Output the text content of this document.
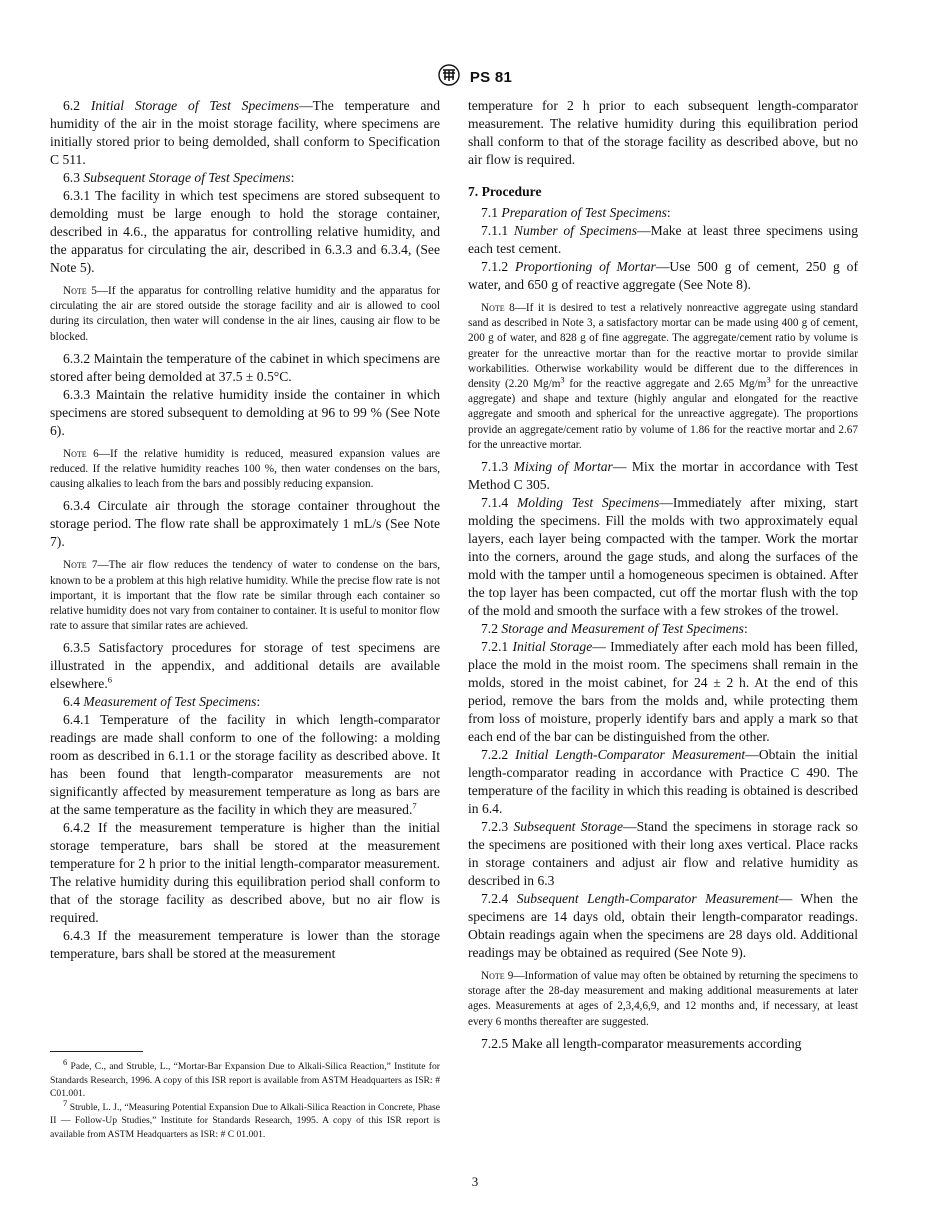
PS 81

6.2 Initial Storage of Test Specimens—The temperature and humidity of the air in the moist storage facility, where specimens are initially stored prior to being demolded, shall conform to Specification C 511.

6.3 Subsequent Storage of Test Specimens:

6.3.1 The facility in which test specimens are stored subsequent to demolding must be large enough to hold the storage container, described in 4.6., the apparatus for controlling relative humidity, and the apparatus for circulating the air, described in 6.3.3 and 6.3.4, (See Note 5).

Note 5—If the apparatus for controlling relative humidity and the apparatus for circulating the air are stored outside the storage facility and air is allowed to cool during its circulation, then water will condense in the air lines, causing air flow to be blocked.

6.3.2 Maintain the temperature of the cabinet in which specimens are stored after being demolded at 37.5 ± 0.5°C.

6.3.3 Maintain the relative humidity inside the container in which specimens are stored subsequent to demolding at 96 to 99 % (See Note 6).

Note 6—If the relative humidity is reduced, measured expansion values are reduced. If the relative humidity reaches 100 %, then water condenses on the bars, causing alkalies to leach from the bars and possibly reducing expansion.

6.3.4 Circulate air through the storage container throughout the storage period. The flow rate shall be approximately 1 mL/s (See Note 7).

Note 7—The air flow reduces the tendency of water to condense on the bars, known to be a problem at this high relative humidity. While the precise flow rate is not important, it is important that the flow rate be similar through each container so relative humidity does not vary from container to container. It is useful to monitor flow rate to assure that similar rates are achieved.

6.3.5 Satisfactory procedures for storage of test specimens are illustrated in the appendix, and additional details are available elsewhere.$^6$

6.4 Measurement of Test Specimens:

6.4.1 Temperature of the facility in which length-comparator readings are made shall conform to one of the following: a molding room as described in 6.1.1 or the storage facility as described above. It has been found that length-comparator measurements are not significantly affected by measurement temperature as long as bars are at the same temperature as the facility in which they are measured.$^7$

6.4.2 If the measurement temperature is higher than the initial storage temperature, bars shall be stored at the measurement temperature for 2 h prior to the initial length-comparator measurement. The relative humidity during this equilibration period shall conform to that of the storage facility as described above, but no air flow is required.

6.4.3 If the measurement temperature is lower than the storage temperature, bars shall be stored at the measurement

temperature for 2 h prior to each subsequent length-comparator measurement. The relative humidity during this equilibration period shall conform to that of the storage facility as described above, but no air flow is required.

7. Procedure

7.1 Preparation of Test Specimens:

7.1.1 Number of Specimens—Make at least three specimens using each test cement.

7.1.2 Proportioning of Mortar—Use 500 g of cement, 250 g of water, and 650 g of reactive aggregate (See Note 8).

Note 8—If it is desired to test a relatively nonreactive aggregate using standard sand as described in Note 3, a satisfactory mortar can be made using 400 g of cement, 200 g of water, and 828 g of fine aggregate. The aggregate/cement ratio by volume is greater for the unreactive mortar than for the reactive mortar to provide similar workabilities. Otherwise workability would be different due to the differences in density (2.20 $Mg/m^3$ for the reactive aggregate and 2.65 $Mg/m^3$ for the unreactive aggregate) and shape and texture (highly angular and elongated for the reactive aggregate and smooth and spherical for the unreactive aggregate). The proportions provide an aggregate/cement ratio by volume of 1.86 for the reactive mortar and 2.67 for the unreactive mortar.

7.1.3 Mixing of Mortar— Mix the mortar in accordance with Test Method C 305.

7.1.4 Molding Test Specimens—Immediately after mixing, start molding the specimens. Fill the molds with two approximately equal layers, each layer being compacted with the tamper. Work the mortar into the corners, around the gage studs, and along the surfaces of the mold with the tamper until a homogeneous specimen is obtained. After the top layer has been compacted, cut off the mortar flush with the top of the mold and smooth the surface with a few strokes of the trowel.

7.2 Storage and Measurement of Test Specimens:

7.2.1 Initial Storage— Immediately after each mold has been filled, place the mold in the moist room. The specimens shall remain in the molds, stored in the moist cabinet, for 24 ± 2 h. At the end of this period, remove the bars from the molds and, while protecting them from loss of moisture, properly identify bars and apply a mark so that each end of the bar can be distinguished from the other.

7.2.2 Initial Length-Comparator Measurement—Obtain the initial length-comparator reading in accordance with Practice C 490. The temperature of the facility in which this reading is obtained is described in 6.4.

7.2.3 Subsequent Storage—Stand the specimens in storage rack so the specimens are positioned with their long axes vertical. Place racks in storage containers and adjust air flow and relative humidity as described in 6.3

7.2.4 Subsequent Length-Comparator Measurement— When the specimens are 14 days old, obtain their length-comparator readings. Obtain readings again when the specimens are 28 days old. Additional readings may be obtained as required (See Note 9).

Note 9—Information of value may often be obtained by returning the specimens to storage after the 28-day measurement and making additional measurements at later ages. Measurements at ages of 2,3,4,6,9, and 12 months and, if necessary, at least every 6 months thereafter are suggested.

7.2.5 Make all length-comparator measurements according

$^6$ Pade, C., and Struble, L., “Mortar-Bar Expansion Due to Alkali-Silica Reaction,” Institute for Standards Research, 1996. A copy of this ISR report is available from ASTM Headquarters as ISR: # C01.001.

$^7$ Struble, L. J., “Measuring Potential Expansion Due to Alkali-Silica Reaction in Concrete, Phase II — Follow-Up Studies,” Institute for Standards Research, 1995. A copy of this ISR report is available from ASTM Headquarters as ISR: # C 01.001.

3
